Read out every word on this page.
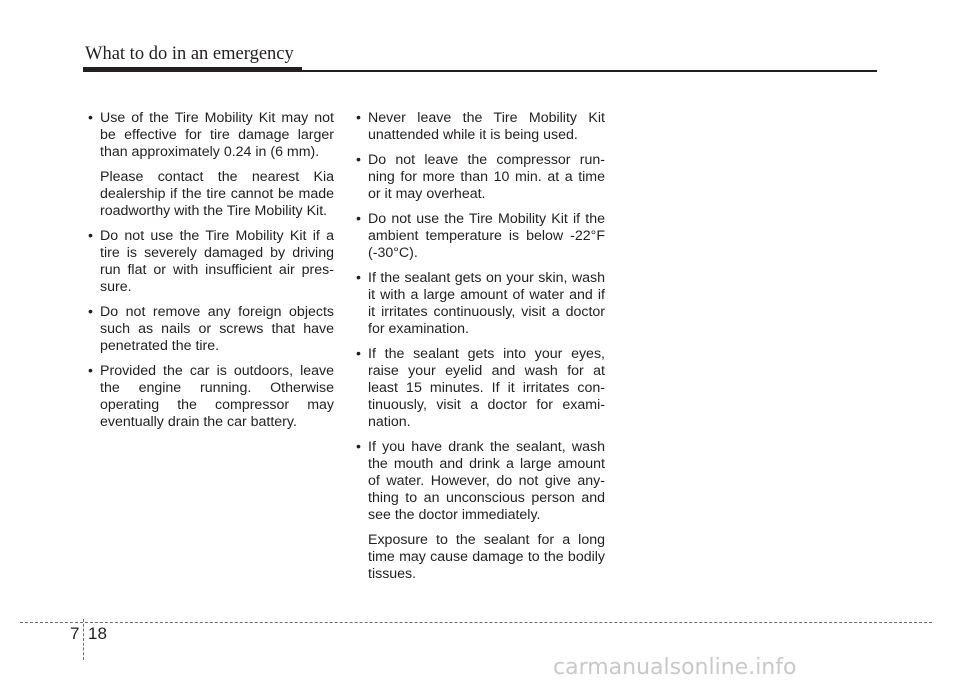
What to do in an emergency
• Use of the Tire Mobility Kit may not be effective for tire damage larger than approximately 0.24 in (6 mm).
Please contact the nearest Kia dealership if the tire cannot be made roadworthy with the Tire Mobility Kit.
• Do not use the Tire Mobility Kit if a tire is severely damaged by driving run flat or with insufficient air pres-sure.
• Do not remove any foreign objects such as nails or screws that have penetrated the tire.
• Provided the car is outdoors, leave the engine running. Otherwise operating the compressor may eventually drain the car battery.
• Never leave the Tire Mobility Kit unattended while it is being used.
• Do not leave the compressor run-ning for more than 10 min. at a time or it may overheat.
• Do not use the Tire Mobility Kit if the ambient temperature is below -22°F (-30°C).
• If the sealant gets on your skin, wash it with a large amount of water and if it irritates continuously, visit a doctor for examination.
• If the sealant gets into your eyes, raise your eyelid and wash for at least 15 minutes. If it irritates con-tinuously, visit a doctor for exami-nation.
• If you have drank the sealant, wash the mouth and drink a large amount of water. However, do not give any-thing to an unconscious person and see the doctor immediately.
Exposure to the sealant for a long time may cause damage to the bodily tissues.
7 18
carmanualsonline.info
